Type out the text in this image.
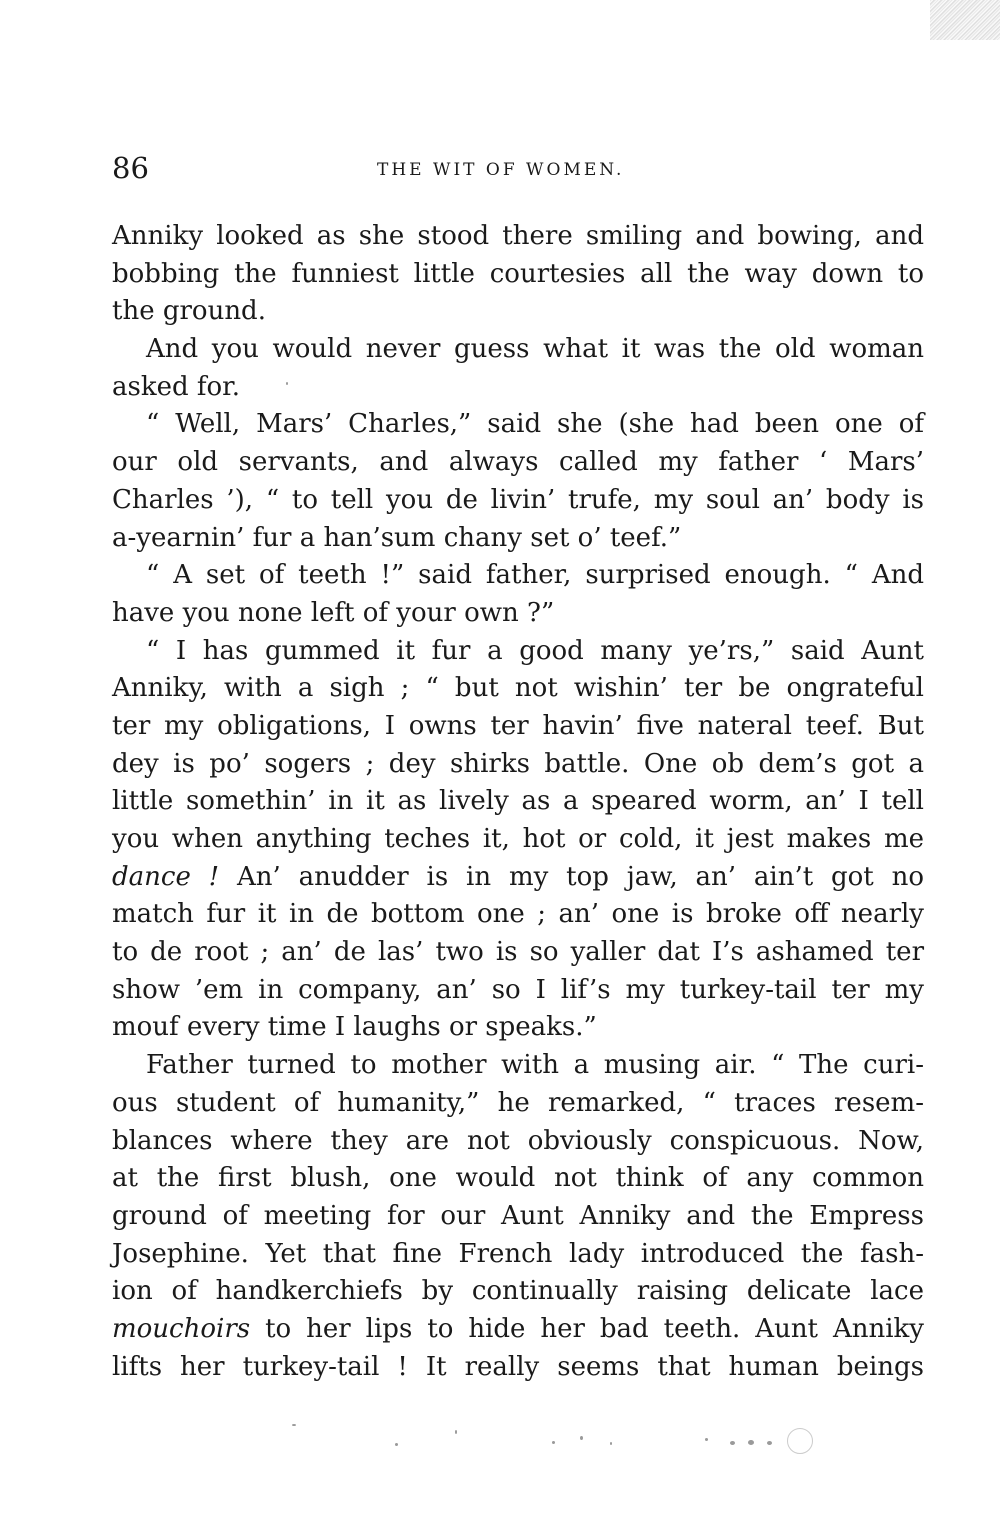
86	THE WIT OF WOMEN.
Anniky looked as she stood there smiling and bowing, and
bobbing the funniest little courtesies all the way down to
the ground.
And you would never guess what it was the old woman
asked for.
“ Well, Mars’ Charles,” said she (she had been one of
our old servants, and always called my father ‘ Mars’
Charles ’), “ to tell you de livin’ trufe, my soul an’ body is
a-yearnin’ fur a han’sum chany set o’ teef.”
“ A set of teeth !” said father, surprised enough. “ And
have you none left of your own ?”
“ I has gummed it fur a good many ye’rs,” said Aunt
Anniky, with a sigh ; “ but not wishin’ ter be ongrateful
ter my obligations, I owns ter havin’ five nateral teef. But
dey is po’ sogers ; dey shirks battle. One ob dem’s got a
little somethin’ in it as lively as a speared worm, an’ I tell
you when anything teches it, hot or cold, it jest makes me
dance ! An’ anudder is in my top jaw, an’ ain’t got no
match fur it in de bottom one ; an’ one is broke off nearly
to de root ; an’ de las’ two is so yaller dat I’s ashamed ter
show ’em in company, an’ so I lif’s my turkey-tail ter my
mouf every time I laughs or speaks.”
Father turned to mother with a musing air. “ The curi-
ous student of humanity,” he remarked, “ traces resem-
blances where they are not obviously conspicuous. Now,
at the first blush, one would not think of any common
ground of meeting for our Aunt Anniky and the Empress
Josephine. Yet that fine French lady introduced the fash-
ion of handkerchiefs by continually raising delicate lace
mouchoirs to her lips to hide her bad teeth. Aunt Anniky
lifts her turkey-tail ! It really seems that human beings
